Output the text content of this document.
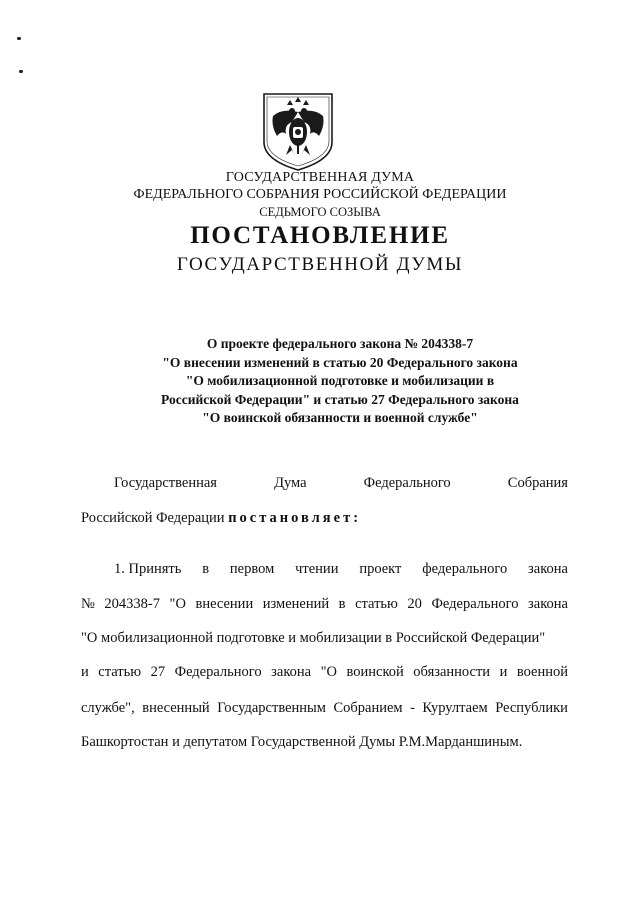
ГОСУДАРСТВЕННАЯ ДУМА
ФЕДЕРАЛЬНОГО СОБРАНИЯ РОССИЙСКОЙ ФЕДЕРАЦИИ
СЕДЬМОГО СОЗЫВА
ПОСТАНОВЛЕНИЕ
ГОСУДАРСТВЕННОЙ ДУМЫ
О проекте федерального закона № 204338-7
"О внесении изменений в статью 20 Федерального закона
"О мобилизационной подготовке и мобилизации в
Российской Федерации" и статью 27 Федерального закона
"О воинской обязанности и военной службе"
Государственная	Дума	Федерального	Собрания
Российской Федерации постановляет:
1. Принять в первом чтении проект федерального закона
№ 204338-7 "О внесении изменений в статью 20 Федерального закона
"О мобилизационной подготовке и мобилизации в Российской Федерации"
и статью 27 Федерального закона "О воинской обязанности и военной
службе", внесенный Государственным Собранием - Курултаем Республики
Башкортостан и депутатом Государственной Думы Р.М.Марданшиным.
